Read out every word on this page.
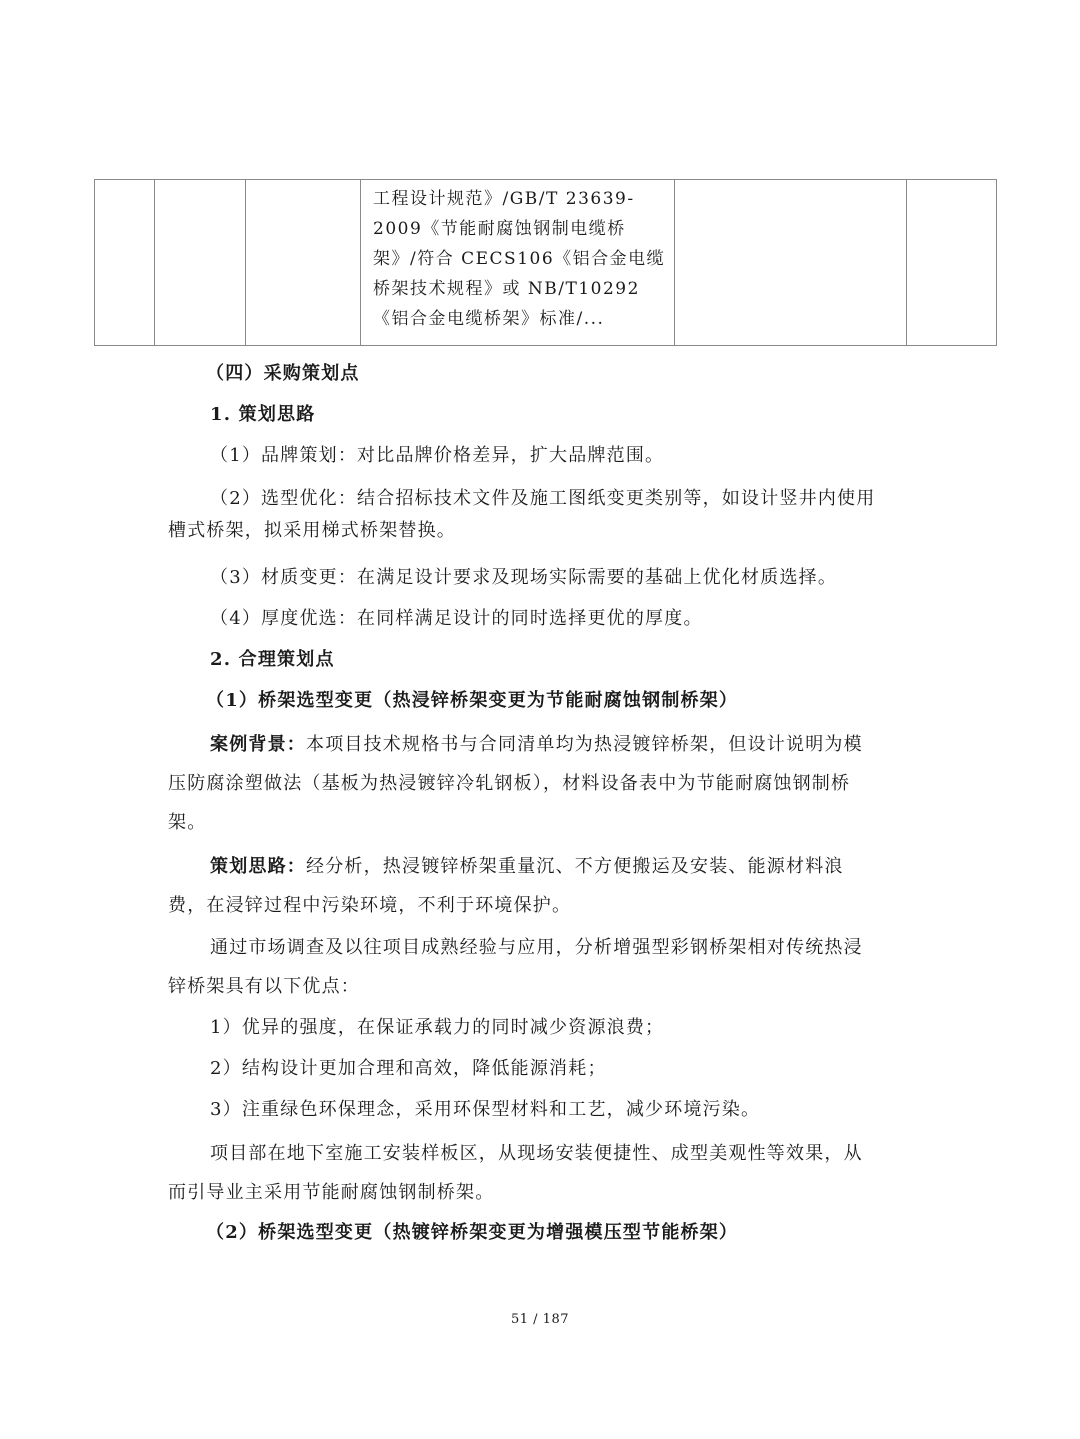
工程设计规范》/GB/T 23639-
2009《节能耐腐蚀钢制电缆桥
架》/符合 CECS106《铝合金电缆
桥架技术规程》或 NB/T10292
《铝合金电缆桥架》标准/...

（四）采购策划点
1. 策划思路
（1）品牌策划：对比品牌价格差异，扩大品牌范围。
（2）选型优化：结合招标技术文件及施工图纸变更类别等，如设计竖井内使用
槽式桥架，拟采用梯式桥架替换。
（3）材质变更：在满足设计要求及现场实际需要的基础上优化材质选择。
（4）厚度优选：在同样满足设计的同时选择更优的厚度。
2. 合理策划点
（1）桥架选型变更（热浸锌桥架变更为节能耐腐蚀钢制桥架）
案例背景：本项目技术规格书与合同清单均为热浸镀锌桥架，但设计说明为模
压防腐涂塑做法（基板为热浸镀锌冷轧钢板），材料设备表中为节能耐腐蚀钢制桥
架。
策划思路：经分析，热浸镀锌桥架重量沉、不方便搬运及安装、能源材料浪
费，在浸锌过程中污染环境，不利于环境保护。
通过市场调查及以往项目成熟经验与应用，分析增强型彩钢桥架相对传统热浸
锌桥架具有以下优点：
1）优异的强度，在保证承载力的同时减少资源浪费；
2）结构设计更加合理和高效，降低能源消耗；
3）注重绿色环保理念，采用环保型材料和工艺，减少环境污染。
项目部在地下室施工安装样板区，从现场安装便捷性、成型美观性等效果，从
而引导业主采用节能耐腐蚀钢制桥架。
（2）桥架选型变更（热镀锌桥架变更为增强模压型节能桥架）
51 / 187
